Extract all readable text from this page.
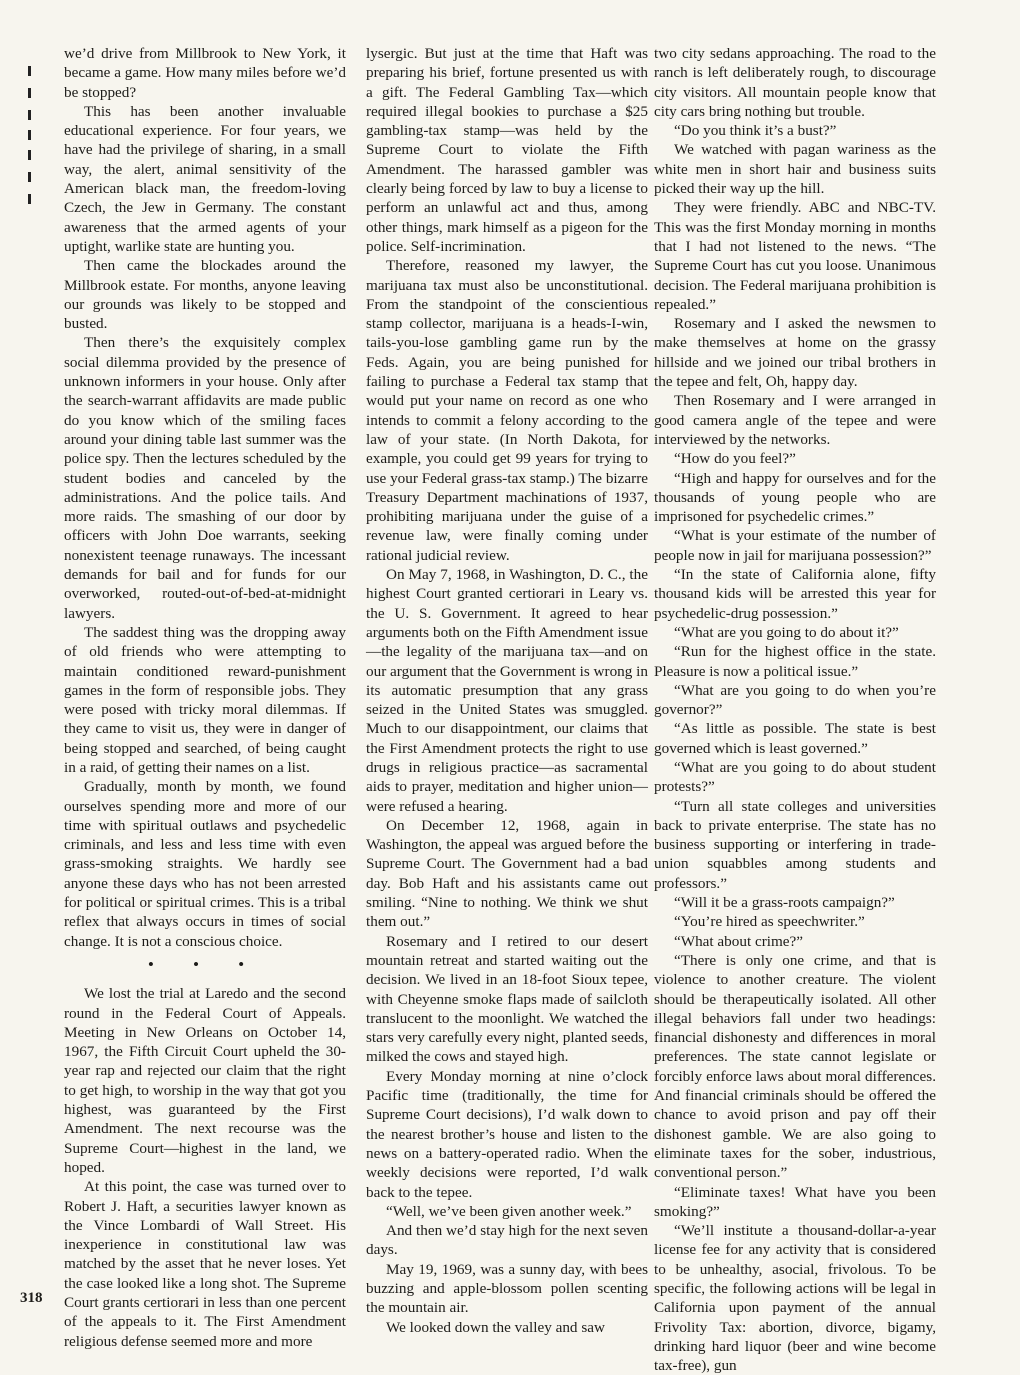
we’d drive from Millbrook to New York, it became a game. How many miles before we’d be stopped?

This has been another invaluable educational experience. For four years, we have had the privilege of sharing, in a small way, the alert, animal sensitivity of the American black man, the freedom-loving Czech, the Jew in Germany. The constant awareness that the armed agents of your uptight, warlike state are hunting you.

Then came the blockades around the Millbrook estate. For months, anyone leaving our grounds was likely to be stopped and busted.

Then there’s the exquisitely complex social dilemma provided by the presence of unknown informers in your house. Only after the search-warrant affidavits are made public do you know which of the smiling faces around your dining table last summer was the police spy. Then the lectures scheduled by the student bodies and canceled by the administrations. And the police tails. And more raids. The smashing of our door by officers with John Doe warrants, seeking nonexistent teenage runaways. The incessant demands for bail and for funds for our overworked, routed-out-of-bed-at-midnight lawyers.

The saddest thing was the dropping away of old friends who were attempting to maintain conditioned reward-punishment games in the form of responsible jobs. They were posed with tricky moral dilemmas. If they came to visit us, they were in danger of being stopped and searched, of being caught in a raid, of getting their names on a list.

Gradually, month by month, we found ourselves spending more and more of our time with spiritual outlaws and psychedelic criminals, and less and less time with even grass-smoking straights. We hardly see anyone these days who has not been arrested for political or spiritual crimes. This is a tribal reflex that always occurs in times of social change. It is not a conscious choice.

• • •

We lost the trial at Laredo and the second round in the Federal Court of Appeals. Meeting in New Orleans on October 14, 1967, the Fifth Circuit Court upheld the 30-year rap and rejected our claim that the right to get high, to worship in the way that got you highest, was guaranteed by the First Amendment. The next recourse was the Supreme Court—highest in the land, we hoped.

At this point, the case was turned over to Robert J. Haft, a securities lawyer known as the Vince Lombardi of Wall Street. His inexperience in constitutional law was matched by the asset that he never loses. Yet the case looked like a long shot. The Supreme Court grants certiorari in less than one percent of the appeals to it. The First Amendment religious defense seemed more and more

lysergic. But just at the time that Haft was preparing his brief, fortune presented us with a gift. The Federal Gambling Tax—which required illegal bookies to purchase a $25 gambling-tax stamp—was held by the Supreme Court to violate the Fifth Amendment. The harassed gambler was clearly being forced by law to buy a license to perform an unlawful act and thus, among other things, mark himself as a pigeon for the police. Self-incrimination.

Therefore, reasoned my lawyer, the marijuana tax must also be unconstitutional. From the standpoint of the conscientious stamp collector, marijuana is a heads-I-win, tails-you-lose gambling game run by the Feds. Again, you are being punished for failing to purchase a Federal tax stamp that would put your name on record as one who intends to commit a felony according to the law of your state. (In North Dakota, for example, you could get 99 years for trying to use your Federal grass-tax stamp.) The bizarre Treasury Department machinations of 1937, prohibiting marijuana under the guise of a revenue law, were finally coming under rational judicial review.

On May 7, 1968, in Washington, D. C., the highest Court granted certiorari in Leary vs. the U. S. Government. It agreed to hear arguments both on the Fifth Amendment issue—the legality of the marijuana tax—and on our argument that the Government is wrong in its automatic presumption that any grass seized in the United States was smuggled. Much to our disappointment, our claims that the First Amendment protects the right to use drugs in religious practice—as sacramental aids to prayer, meditation and higher union—were refused a hearing.

On December 12, 1968, again in Washington, the appeal was argued before the Supreme Court. The Government had a bad day. Bob Haft and his assistants came out smiling. “Nine to nothing. We think we shut them out.”

Rosemary and I retired to our desert mountain retreat and started waiting out the decision. We lived in an 18-foot Sioux tepee, with Cheyenne smoke flaps made of sailcloth translucent to the moonlight. We watched the stars very carefully every night, planted seeds, milked the cows and stayed high.

Every Monday morning at nine o’clock Pacific time (traditionally, the time for Supreme Court decisions), I’d walk down to the nearest brother’s house and listen to the news on a battery-operated radio. When the weekly decisions were reported, I’d walk back to the tepee.

“Well, we’ve been given another week.”

And then we’d stay high for the next seven days.

May 19, 1969, was a sunny day, with bees buzzing and apple-blossom pollen scenting the mountain air.

We looked down the valley and saw

two city sedans approaching. The road to the ranch is left deliberately rough, to discourage city visitors. All mountain people know that city cars bring nothing but trouble.

“Do you think it’s a bust?”

We watched with pagan wariness as the white men in short hair and business suits picked their way up the hill.

They were friendly. ABC and NBC-TV. This was the first Monday morning in months that I had not listened to the news. “The Supreme Court has cut you loose. Unanimous decision. The Federal marijuana prohibition is repealed.”

Rosemary and I asked the newsmen to make themselves at home on the grassy hillside and we joined our tribal brothers in the tepee and felt, Oh, happy day.

Then Rosemary and I were arranged in good camera angle of the tepee and were interviewed by the networks.

“How do you feel?”

“High and happy for ourselves and for the thousands of young people who are imprisoned for psychedelic crimes.”

“What is your estimate of the number of people now in jail for marijuana possession?”

“In the state of California alone, fifty thousand kids will be arrested this year for psychedelic-drug possession.”

“What are you going to do about it?”

“Run for the highest office in the state. Pleasure is now a political issue.”

“What are you going to do when you’re governor?”

“As little as possible. The state is best governed which is least governed.”

“What are you going to do about student protests?”

“Turn all state colleges and universities back to private enterprise. The state has no business supporting or interfering in trade-union squabbles among students and professors.”

“Will it be a grass-roots campaign?”

“You’re hired as speechwriter.”

“What about crime?”

“There is only one crime, and that is violence to another creature. The violent should be therapeutically isolated. All other illegal behaviors fall under two headings: financial dishonesty and differences in moral preferences. The state cannot legislate or forcibly enforce laws about moral differences. And financial criminals should be offered the chance to avoid prison and pay off their dishonest gamble. We are also going to eliminate taxes for the sober, industrious, conventional person.”

“Eliminate taxes! What have you been smoking?”

“We’ll institute a thousand-dollar-a-year license fee for any activity that is considered to be unhealthy, asocial, frivolous. To be specific, the following actions will be legal in California upon payment of the annual Frivolity Tax: abortion, divorce, bigamy, drinking hard liquor (beer and wine become tax-free), gun

318
